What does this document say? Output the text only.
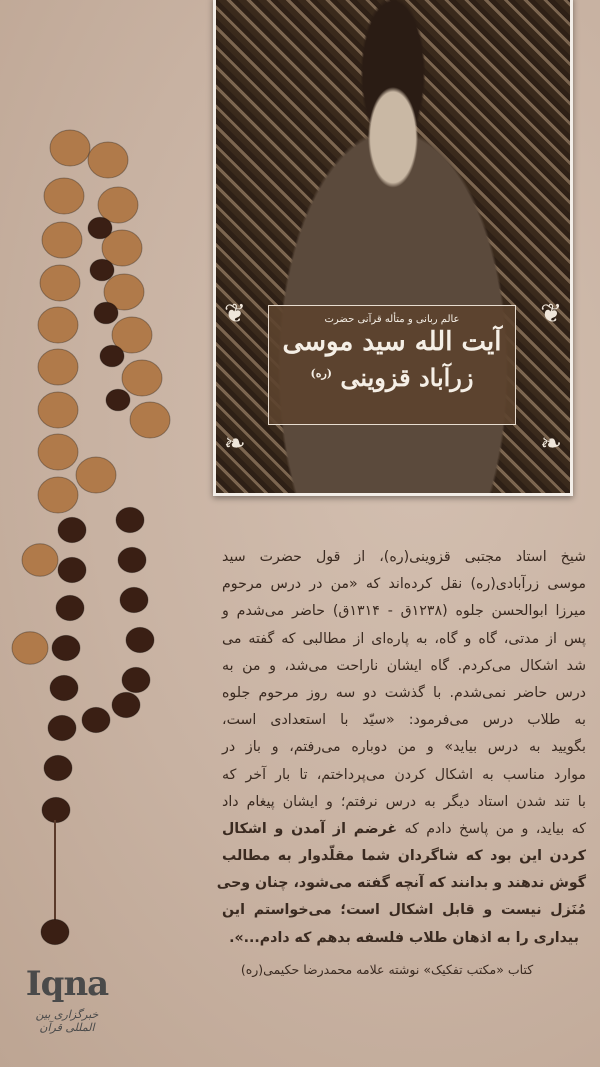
❦	❦
❧	❧
عالم ربانی و متأله قرآنی حضرت
آیت الله سید موسی
زرآباد قزوینی $^{(ره)}$
شیخ استاد مجتبی قزوینی(ره)، از قول حضرت سید
موسی زرآبادی(ره) نقل کرده‌اند که «من در درس مرحوم
میرزا ابوالحسن جلوه (۱۲۳۸ق - ۱۳۱۴ق) حاضر می‌شدم و
پس از مدتی، گاه و گاه، به پاره‌ای از مطالبی که گفته می
شد اشکال می‌کردم. گاه ایشان ناراحت می‌شد، و من به
درس حاضر نمی‌شدم. با گذشت دو سه روز مرحوم جلوه
به طلاب درس می‌فرمود: «سیّد با استعدادی است،
بگویید به درس بیاید» و من دوباره می‌رفتم، و باز در
موارد مناسب به اشکال کردن می‌پرداختم، تا بار آخر که
با تند شدن استاد دیگر به درس نرفتم؛ و ایشان پیغام داد
که بیاید، و من پاسخ دادم که غرضم از آمدن و اشکال
کردن این بود که شاگردان شما مقلّدوار به مطالب
گوش ندهند و بدانند که آنچه گفته می‌شود، چنان وحی
مُنَزل نیست و قابل اشکال است؛ می‌خواستم این
بیداری را به اذهان طلاب فلسفه بدهم که دادم...».
کتاب «مکتب تفکیک» نوشته علامه محمدرضا حکیمی(ره)
Iqna
خبرگزاری بین المللی قرآن
